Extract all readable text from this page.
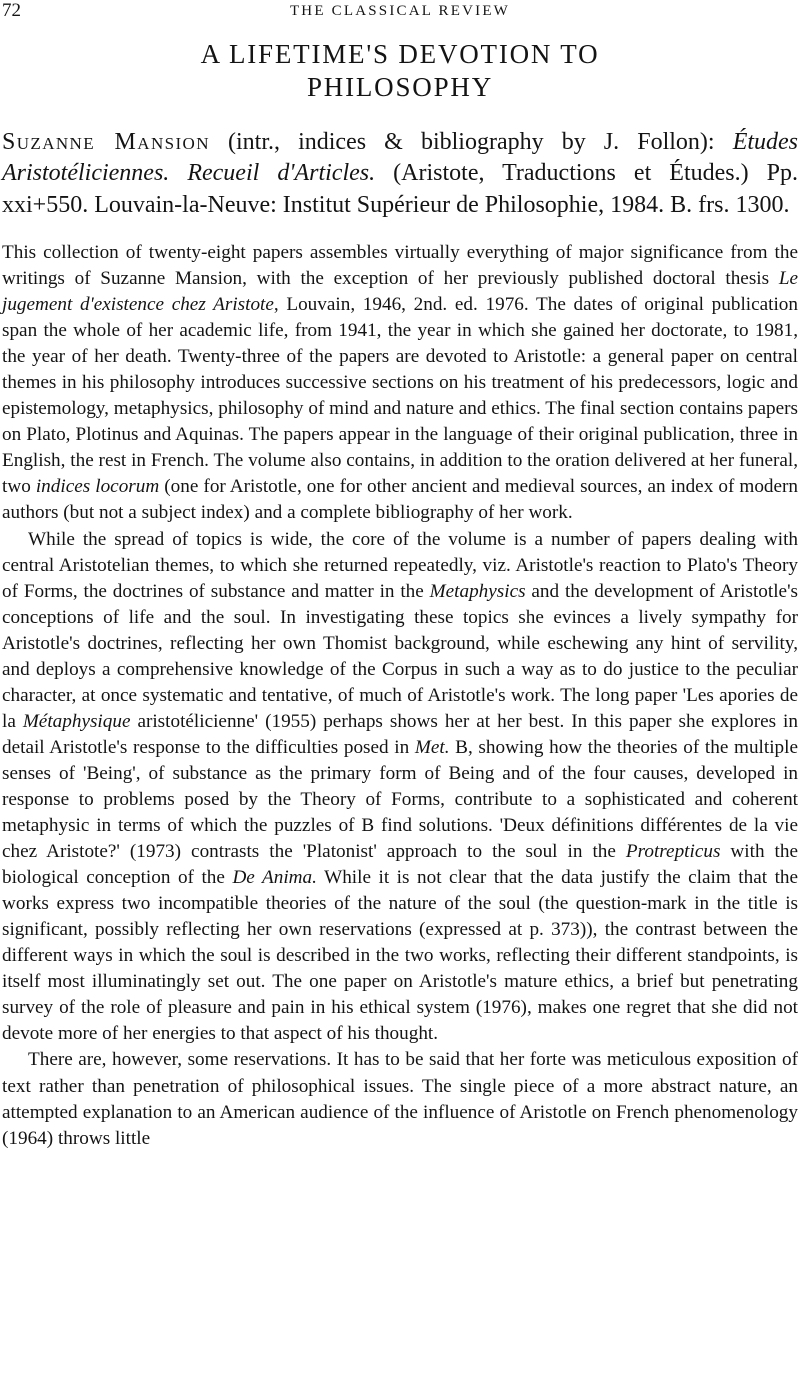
72	THE CLASSICAL REVIEW
A LIFETIME'S DEVOTION TO PHILOSOPHY
Suzanne Mansion (intr., indices & bibliography by J. Follon): Études Aristotéliciennes. Recueil d'Articles. (Aristote, Traductions et Études.) Pp. xxi+550. Louvain-la-Neuve: Institut Supérieur de Philosophie, 1984. B. frs. 1300.

This collection of twenty-eight papers assembles virtually everything of major significance from the writings of Suzanne Mansion, with the exception of her previously published doctoral thesis Le jugement d'existence chez Aristote, Louvain, 1946, 2nd. ed. 1976. The dates of original publication span the whole of her academic life, from 1941, the year in which she gained her doctorate, to 1981, the year of her death. Twenty-three of the papers are devoted to Aristotle: a general paper on central themes in his philosophy introduces successive sections on his treatment of his predecessors, logic and epistemology, metaphysics, philosophy of mind and nature and ethics. The final section contains papers on Plato, Plotinus and Aquinas. The papers appear in the language of their original publication, three in English, the rest in French. The volume also contains, in addition to the oration delivered at her funeral, two indices locorum (one for Aristotle, one for other ancient and medieval sources, an index of modern authors (but not a subject index) and a complete bibliography of her work.

While the spread of topics is wide, the core of the volume is a number of papers dealing with central Aristotelian themes, to which she returned repeatedly, viz. Aristotle's reaction to Plato's Theory of Forms, the doctrines of substance and matter in the Metaphysics and the development of Aristotle's conceptions of life and the soul. In investigating these topics she evinces a lively sympathy for Aristotle's doctrines, reflecting her own Thomist background, while eschewing any hint of servility, and deploys a comprehensive knowledge of the Corpus in such a way as to do justice to the peculiar character, at once systematic and tentative, of much of Aristotle's work. The long paper 'Les apories de la Métaphysique aristotélicienne' (1955) perhaps shows her at her best. In this paper she explores in detail Aristotle's response to the difficulties posed in Met. B, showing how the theories of the multiple senses of 'Being', of substance as the primary form of Being and of the four causes, developed in response to problems posed by the Theory of Forms, contribute to a sophisticated and coherent metaphysic in terms of which the puzzles of B find solutions. 'Deux définitions différentes de la vie chez Aristote?' (1973) contrasts the 'Platonist' approach to the soul in the Protrepticus with the biological conception of the De Anima. While it is not clear that the data justify the claim that the works express two incompatible theories of the nature of the soul (the question-mark in the title is significant, possibly reflecting her own reservations (expressed at p. 373)), the contrast between the different ways in which the soul is described in the two works, reflecting their different standpoints, is itself most illuminatingly set out. The one paper on Aristotle's mature ethics, a brief but penetrating survey of the role of pleasure and pain in his ethical system (1976), makes one regret that she did not devote more of her energies to that aspect of his thought.

There are, however, some reservations. It has to be said that her forte was meticulous exposition of text rather than penetration of philosophical issues. The single piece of a more abstract nature, an attempted explanation to an American audience of the influence of Aristotle on French phenomenology (1964) throws little
